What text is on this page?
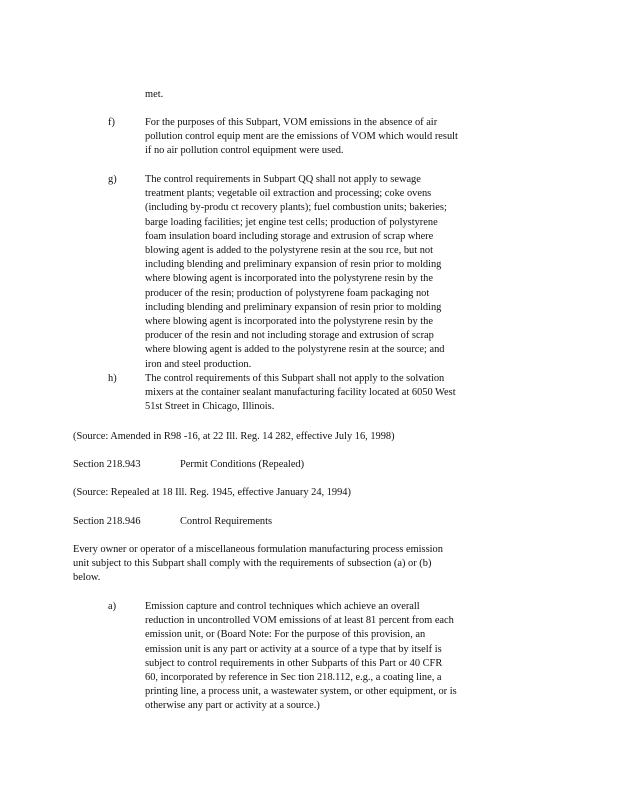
met.
f)	For the purposes of this Subpart, VOM emissions in the absence of air
pollution control equip ment are the emissions of VOM which would result
if no air pollution control equipment were used.
g)	The control requirements in Subpart QQ shall not apply to sewage
treatment plants; vegetable oil extraction and processing; coke ovens
(including by-produ ct recovery plants); fuel combustion units; bakeries;
barge loading facilities; jet engine test cells; production of polystyrene
foam insulation board including storage and extrusion of scrap where
blowing agent is added to the polystyrene resin at the sou rce, but not
including blending and preliminary expansion of resin prior to molding
where blowing agent is incorporated into the polystyrene resin by the
producer of the resin; production of polystyrene foam packaging not
including blending and preliminary expansion of resin prior to molding
where blowing agent is incorporated into the polystyrene resin by the
producer of the resin and not including storage and extrusion of scrap
where blowing agent is added to the polystyrene resin at the source; and
iron and steel production.
h)	The control requirements of this Subpart shall not apply to the solvation
mixers at the container sealant manufacturing facility located at 6050 West
51st Street in Chicago, Illinois.
(Source: Amended in R98 -16, at 22 Ill. Reg. 14 282, effective July 16, 1998)
Section 218.943	Permit Conditions (Repealed)
(Source: Repealed at 18 Ill. Reg. 1945, effective January 24, 1994)
Section 218.946	Control Requirements
Every owner or operator of a miscellaneous formulation manufacturing process emission
unit subject to this Subpart shall comply with the requirements of subsection (a) or (b)
below.
a)	Emission capture and control techniques which achieve an overall
reduction in uncontrolled VOM emissions of at least 81 percent from each
emission unit, or (Board Note: For the purpose of this provision, an
emission unit is any part or activity at a source of a type that by itself is
subject to control requirements in other Subparts of this Part or 40 CFR
60, incorporated by reference in Sec tion 218.112, e.g., a coating line, a
printing line, a process unit, a wastewater system, or other equipment, or is
otherwise any part or activity at a source.)
